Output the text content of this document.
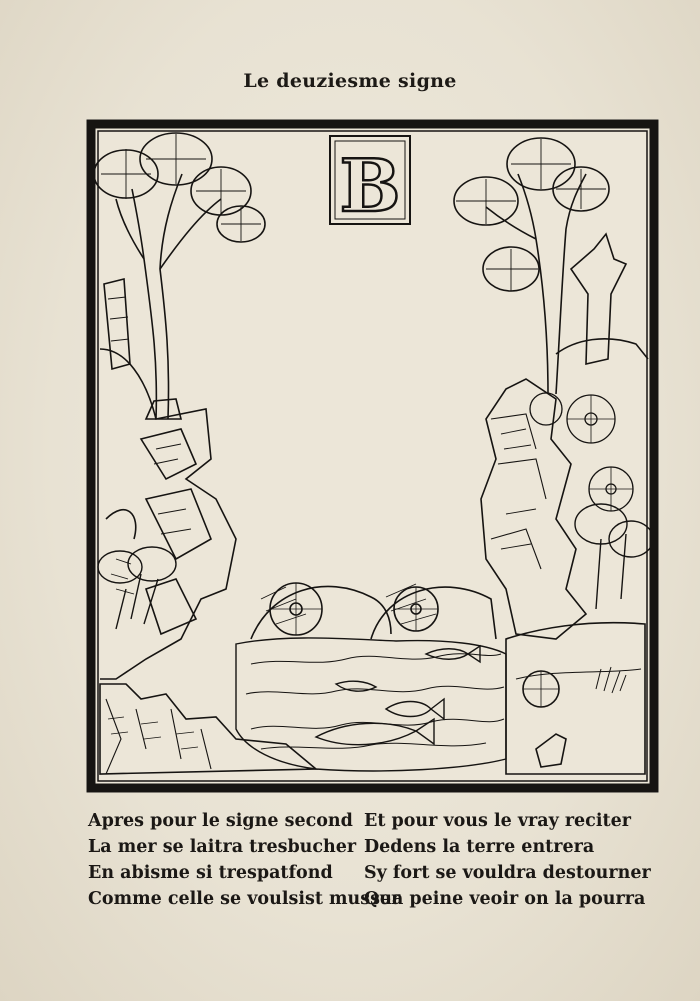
Le deuziesme signe
B
Apres pour le signe second
La mer se laitra tresbucher
En abisme si trespatfond
Comme celle se voulsist musser
Et pour vous le vray reciter
Dedens la terre entrera
Sy fort se vouldra destourner
Qua peine veoir on la pourra
